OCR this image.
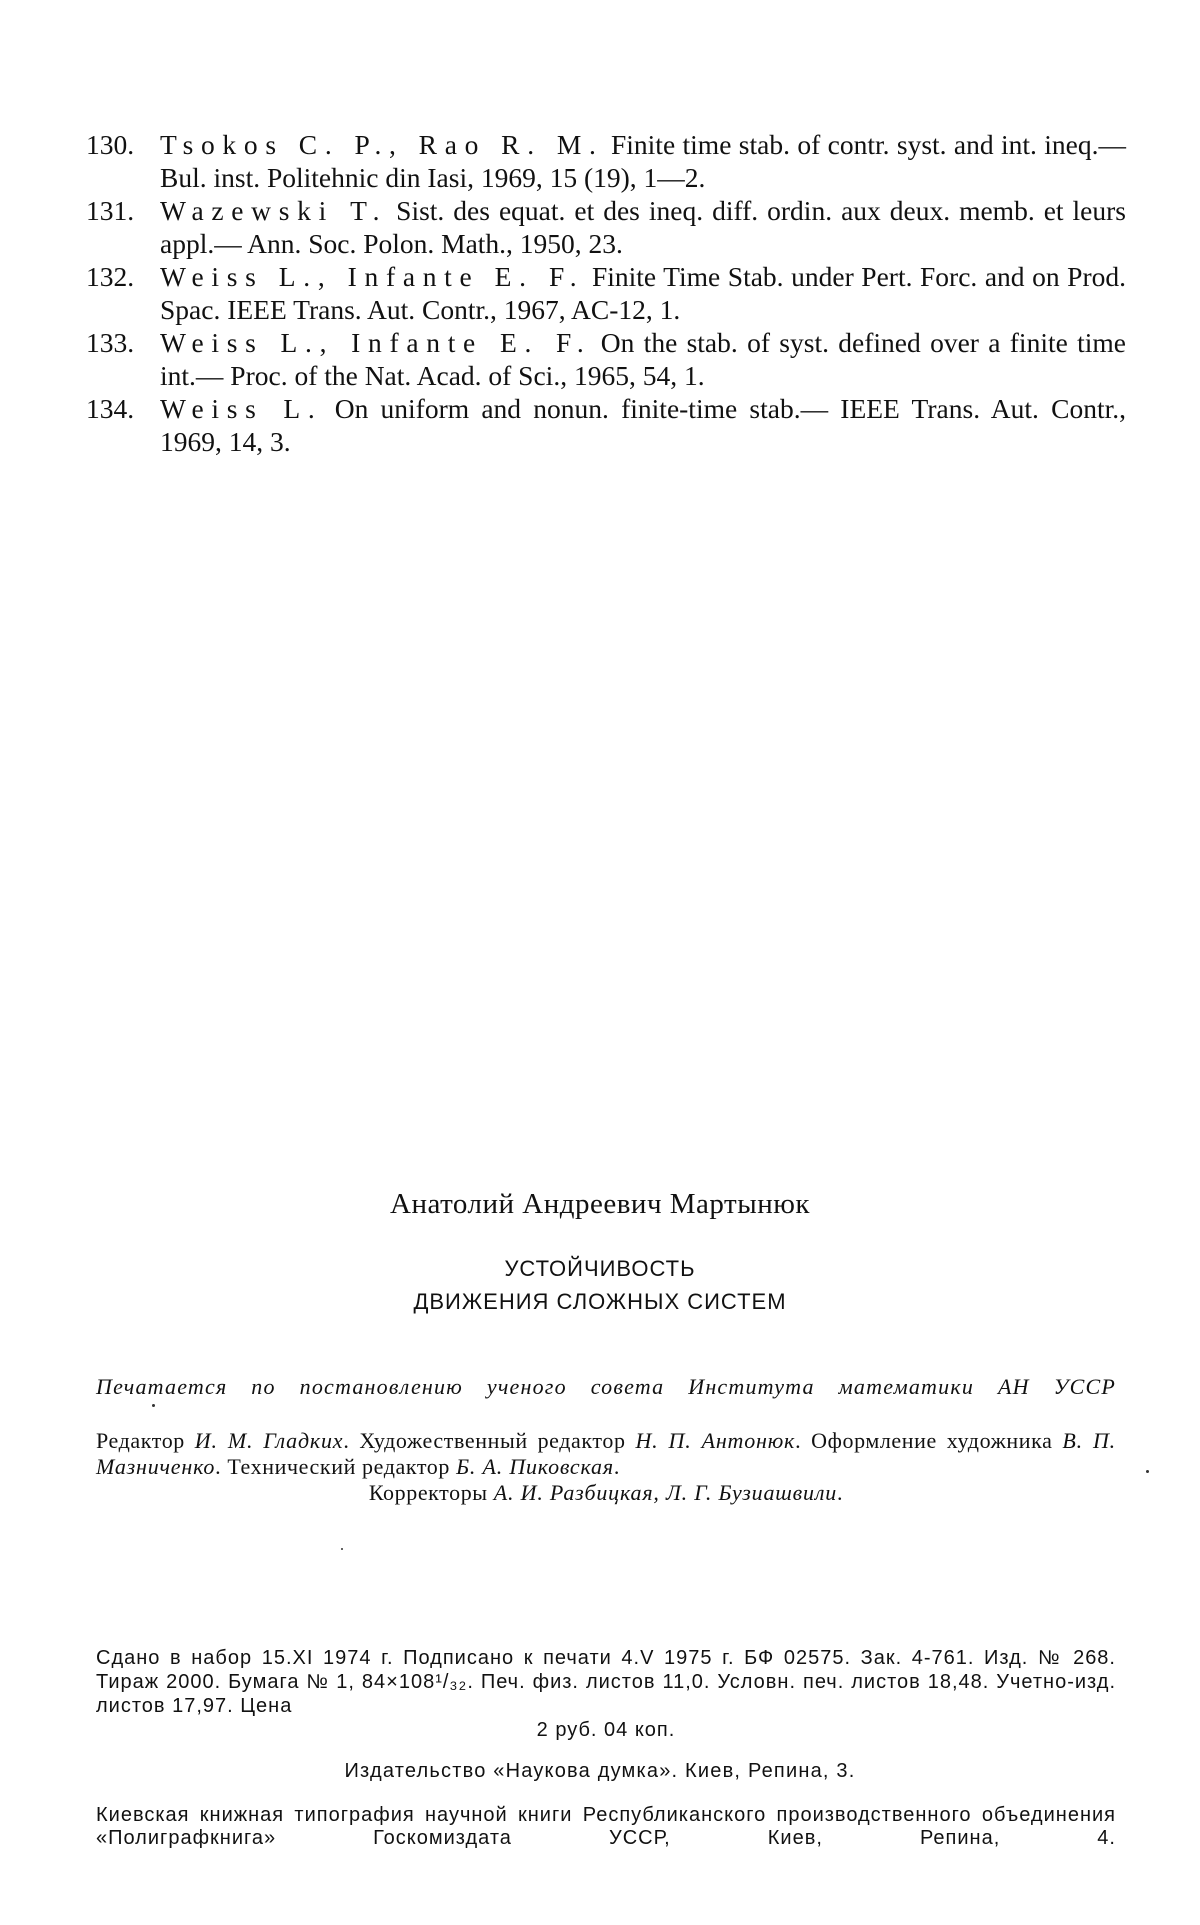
130. Tsokos C. P., Rao R. M. Finite time stab. of contr. syst. and int. ineq.— Bul. inst. Politehnic din Iasi, 1969, 15 (19), 1—2.
131. Wazewski T. Sist. des equat. et des ineq. diff. ordin. aux deux. memb. et leurs appl.— Ann. Soc. Polon. Math., 1950, 23.
132. Weiss L., Infante E. F. Finite Time Stab. under Pert. Forc. and on Prod. Spac. IEEE Trans. Aut. Contr., 1967, AC-12, 1.
133. Weiss L., Infante E. F. On the stab. of syst. defined over a finite time int.— Proc. of the Nat. Acad. of Sci., 1965, 54, 1.
134. Weiss L. On uniform and nonun. finite-time stab.— IEEE Trans. Aut. Contr., 1969, 14, 3.
Анатолий Андреевич Мартынюк
УСТОЙЧИВОСТЬ
ДВИЖЕНИЯ СЛОЖНЫХ СИСТЕМ
Печатается по постановлению ученого совета Института математики АН УССР
Редактор И. М. Гладких. Художественный редактор Н. П. Антонюк. Оформление художника В. П. Мазниченко. Технический редактор Б. А. Пиковская.
Корректоры А. И. Разбицкая, Л. Г. Бузиашвили.
Сдано в набор 15.XI 1974 г. Подписано к печати 4.V 1975 г. БФ 02575. Зак. 4-761. Изд. № 268. Тираж 2000. Бумага № 1, 84×108¹/₃₂. Печ. физ. листов 11,0. Условн. печ. листов 18,48. Учетно-изд. листов 17,97. Цена
2 руб. 04 коп.
Издательство «Наукова думка». Киев, Репина, 3.
Киевская книжная типография научной книги Республиканского производственного объединения «Полиграфкнига» Госкомиздата УССР, Киев, Репина, 4.
